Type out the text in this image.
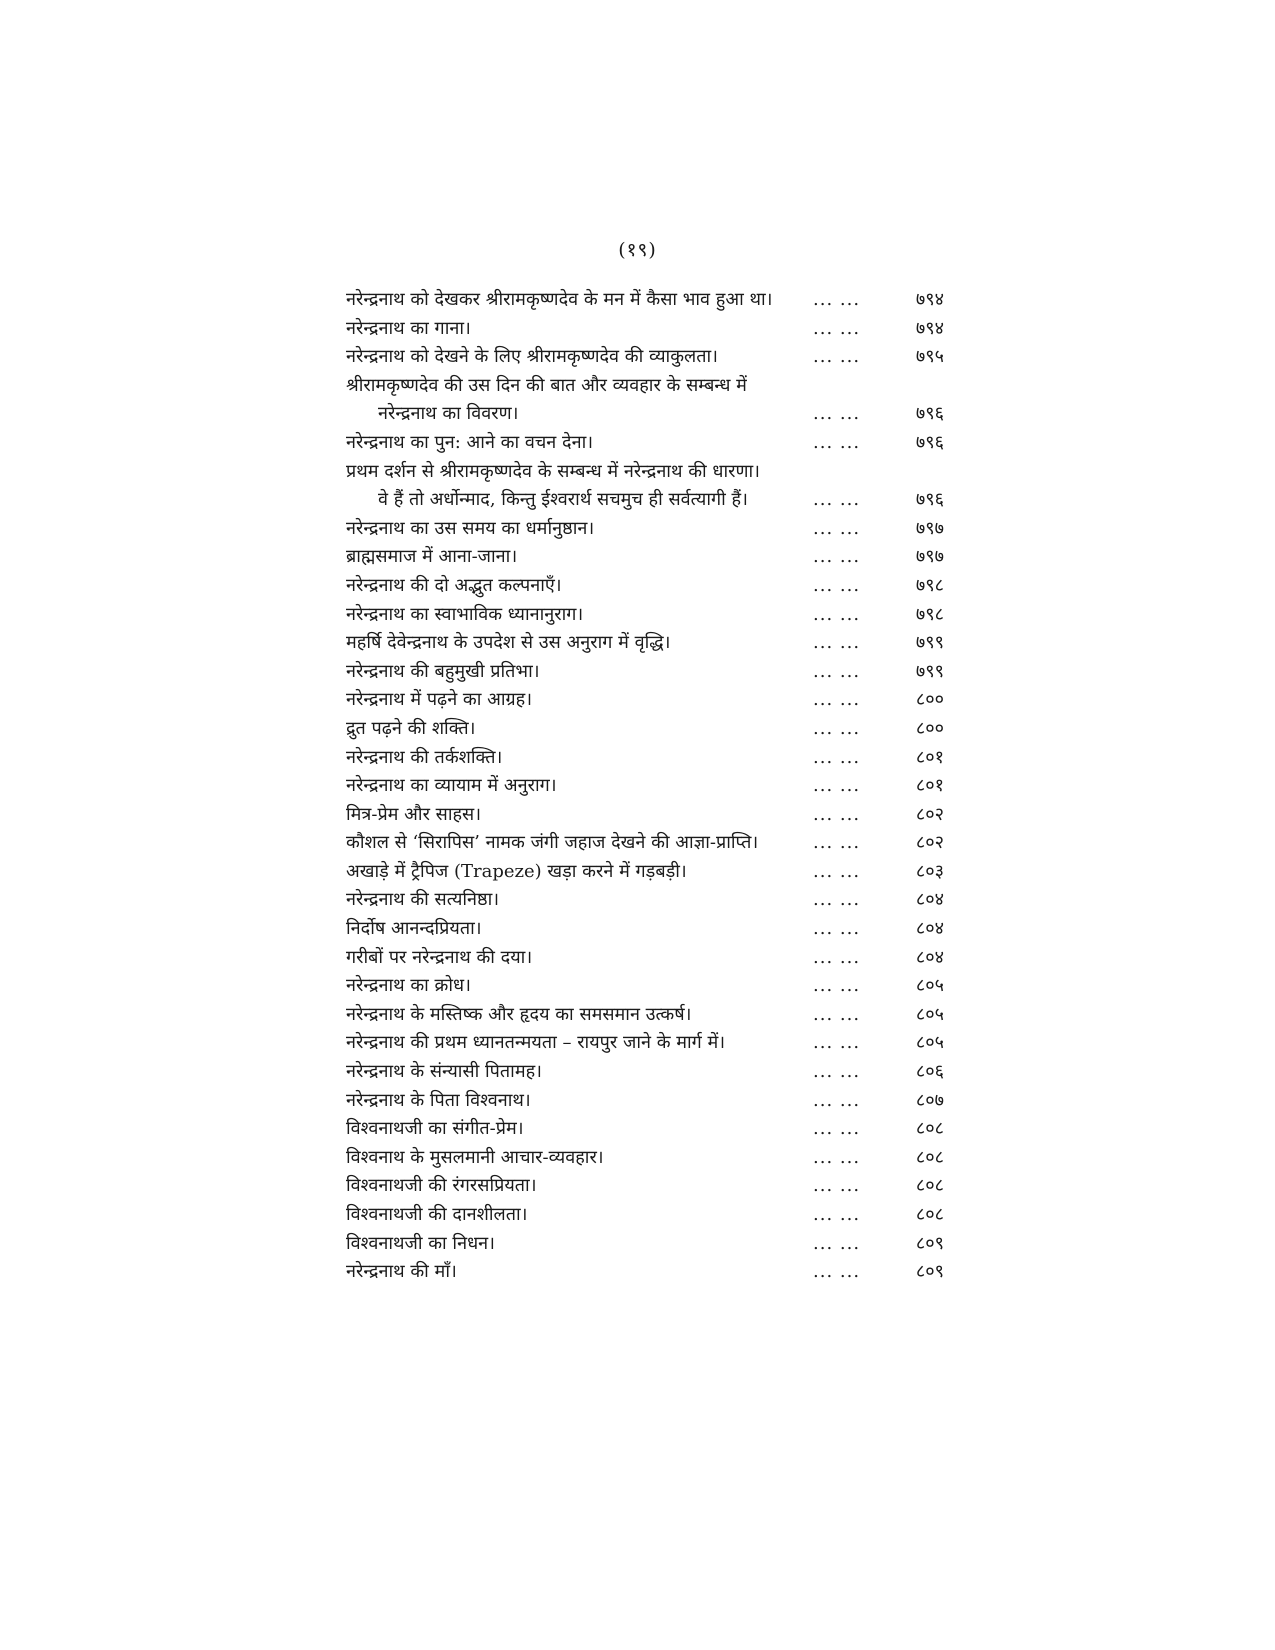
(१९)
नरेन्द्रनाथ को देखकर श्रीरामकृष्णदेव के मन में कैसा भाव हुआ था। ... ...	७९४
नरेन्द्रनाथ का गाना।	... ...	७९४
नरेन्द्रनाथ को देखने के लिए श्रीरामकृष्णदेव की व्याकुलता।	... ...	७९५
श्रीरामकृष्णदेव की उस दिन की बात और व्यवहार के सम्बन्ध में
नरेन्द्रनाथ का विवरण।	... ...	७९६
नरेन्द्रनाथ का पुन: आने का वचन देना।	... ...	७९६
प्रथम दर्शन से श्रीरामकृष्णदेव के सम्बन्ध में नरेन्द्रनाथ की धारणा।
वे हैं तो अर्धोन्माद, किन्तु ईश्वरार्थ सचमुच ही सर्वत्यागी हैं।	... ...	७९६
नरेन्द्रनाथ का उस समय का धर्मानुष्ठान।	... ...	७९७
ब्राह्मसमाज में आना-जाना।	... ...	७९७
नरेन्द्रनाथ की दो अद्भुत कल्पनाएँ।	... ...	७९८
नरेन्द्रनाथ का स्वाभाविक ध्यानानुराग।	... ...	७९८
महर्षि देवेन्द्रनाथ के उपदेश से उस अनुराग में वृद्धि।	... ...	७९९
नरेन्द्रनाथ की बहुमुखी प्रतिभा।	... ...	७९९
नरेन्द्रनाथ में पढ़ने का आग्रह।	... ...	८००
द्रुत पढ़ने की शक्ति।	... ...	८००
नरेन्द्रनाथ की तर्कशक्ति।	... ...	८०१
नरेन्द्रनाथ का व्यायाम में अनुराग।	... ...	८०१
मित्र-प्रेम और साहस।	... ...	८०२
कौशल से ‘सिरापिस’ नामक जंगी जहाज देखने की आज्ञा-प्राप्ति।	... ...	८०२
अखाड़े में ट्रैपिज (Trapeze) खड़ा करने में गड़बड़ी।	... ...	८०३
नरेन्द्रनाथ की सत्यनिष्ठा।	... ...	८०४
निर्दोष आनन्दप्रियता।	... ...	८०४
गरीबों पर नरेन्द्रनाथ की दया।	... ...	८०४
नरेन्द्रनाथ का क्रोध।	... ...	८०५
नरेन्द्रनाथ के मस्तिष्क और हृदय का समसमान उत्कर्ष।	... ...	८०५
नरेन्द्रनाथ की प्रथम ध्यानतन्मयता – रायपुर जाने के मार्ग में।	... ...	८०५
नरेन्द्रनाथ के संन्यासी पितामह।	... ...	८०६
नरेन्द्रनाथ के पिता विश्वनाथ।	... ...	८०७
विश्वनाथजी का संगीत-प्रेम।	... ...	८०८
विश्वनाथ के मुसलमानी आचार-व्यवहार।	... ...	८०८
विश्वनाथजी की रंगरसप्रियता।	... ...	८०८
विश्वनाथजी की दानशीलता।	... ...	८०८
विश्वनाथजी का निधन।	... ...	८०९
नरेन्द्रनाथ की माँ।	... ...	८०९
